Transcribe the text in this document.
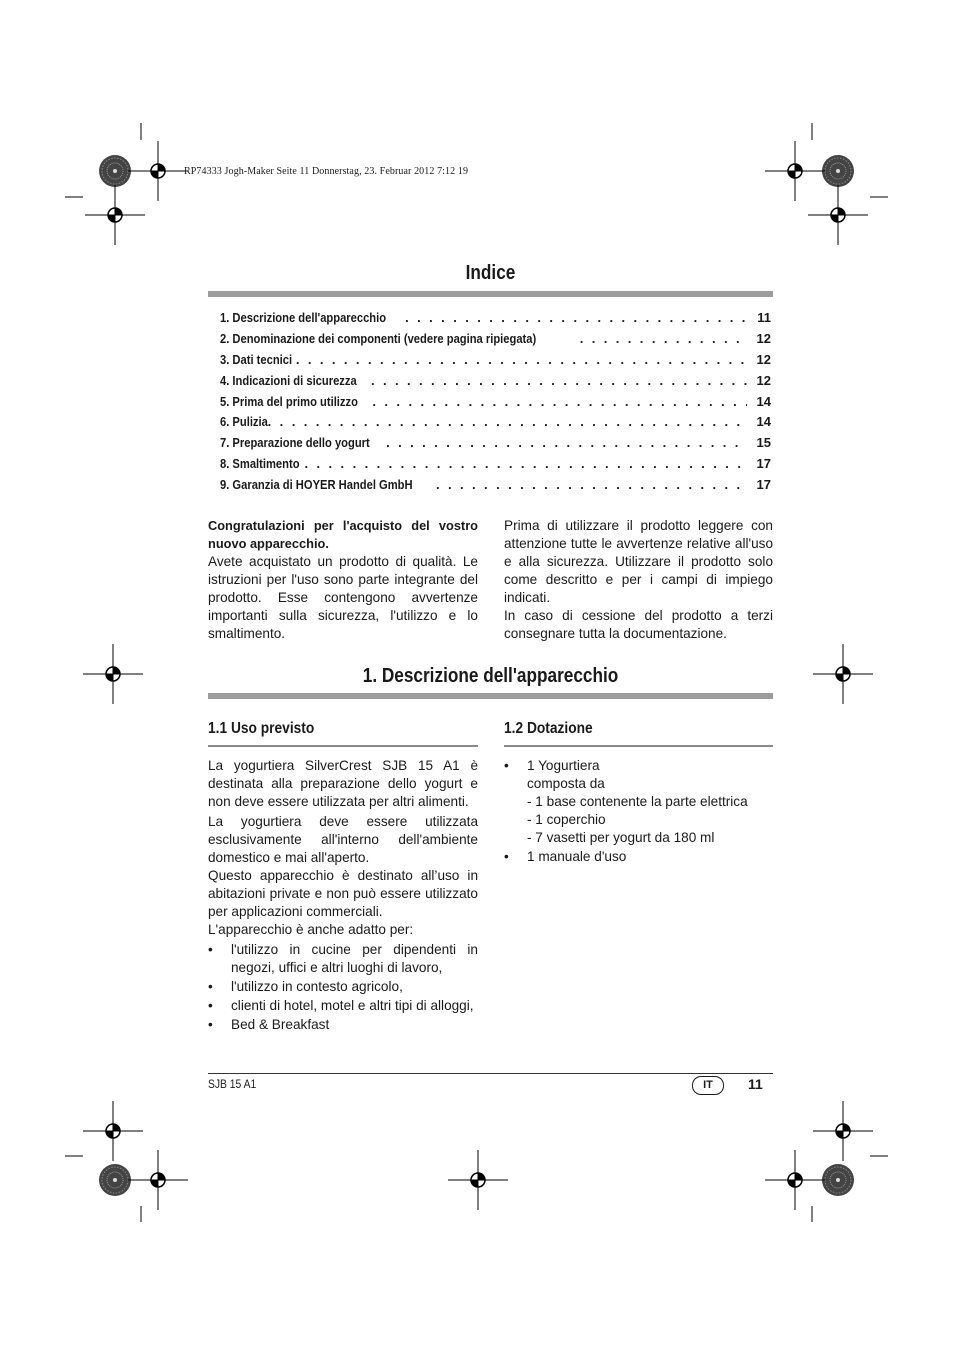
RP74333 Jogh-Maker Seite 11 Donnerstag, 23. Februar 2012 7:12 19
Indice
1. Descrizione dell'apparecchio . . .	11
2. Denominazione dei componenti (vedere pagina ripiegata) . . .	12
3. Dati tecnici . . .	12
4. Indicazioni di sicurezza . . .	12
5. Prima del primo utilizzo . . .	14
6. Pulizia . . .	14
7. Preparazione dello yogurt . . .	15
8. Smaltimento . . .	17
9. Garanzia di HOYER Handel GmbH . . .	17

Congratulazioni per l'acquisto del vostro nuovo apparecchio.

Avete acquistato un prodotto di qualità. Le istruzioni per l'uso sono parte integrante del prodotto. Esse contengono avvertenze importanti sulla sicurezza, l'utilizzo e lo smaltimento.

Prima di utilizzare il prodotto leggere con attenzione tutte le avvertenze relative all'uso e alla sicurezza. Utilizzare il prodotto solo come descritto e per i campi di impiego indicati.

In caso di cessione del prodotto a terzi consegnare tutta la documentazione.

1. Descrizione dell'apparecchio
1.1 Uso previsto	1.2 Dotazione

La yogurtiera SilverCrest SJB 15 A1 è destinata alla preparazione dello yogurt e non deve essere utilizzata per altri alimenti.

La yogurtiera deve essere utilizzata esclusivamente all'interno dell'ambiente domestico e mai all'aperto.

Questo apparecchio è destinato all’uso in abitazioni private e non può essere utilizzato per applicazioni commerciali.

L'apparecchio è anche adatto per:

• l'utilizzo in cucine per dipendenti in negozi, uffici e altri luoghi di lavoro,
• l'utilizzo in contesto agricolo,
• clienti di hotel, motel e altri tipi di alloggi,
• Bed & Breakfast
• 1 Yogurtiera
composta da
- 1 base contenente la parte elettrica
- 1 coperchio
- 7 vasetti per yogurt da 180 ml
• 1 manuale d'uso
SJB 15 A1	IT	11
